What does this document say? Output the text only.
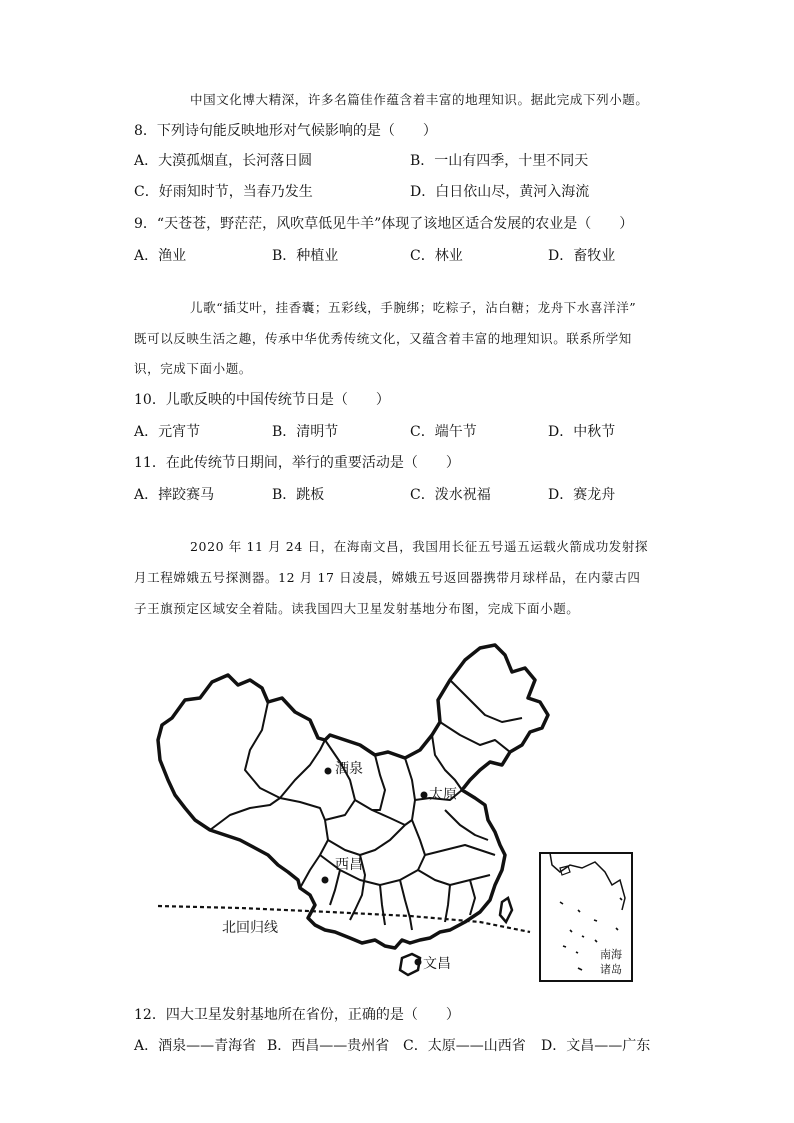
中国文化博大精深，许多名篇佳作蕴含着丰富的地理知识。据此完成下列小题。
8．下列诗句能反映地形对气候影响的是（　　）
A．大漠孤烟直，长河落日圆	B．一山有四季，十里不同天
C．好雨知时节，当春乃发生	D．白日依山尽，黄河入海流
9．“天苍苍，野茫茫，风吹草低见牛羊”体现了该地区适合发展的农业是（　　）
A．渔业	B．种植业	C．林业	D．畜牧业
儿歌“插艾叶，挂香囊；五彩线，手腕绑；吃粽子，沾白糖；龙舟下水喜洋洋”
既可以反映生活之趣，传承中华优秀传统文化，又蕴含着丰富的地理知识。联系所学知
识，完成下面小题。
10．儿歌反映的中国传统节日是（　　）
A．元宵节	B．清明节	C．端午节	D．中秋节
11．在此传统节日期间，举行的重要活动是（　　）
A．摔跤赛马	B．跳板	C．泼水祝福	D．赛龙舟
2020 年 11 月 24 日，在海南文昌，我国用长征五号遥五运载火箭成功发射探
月工程嫦娥五号探测器。12 月 17 日凌晨，嫦娥五号返回器携带月球样品，在内蒙古四
子王旗预定区域安全着陆。读我国四大卫星发射基地分布图，完成下面小题。
北回归线
酒泉
太原
西昌
文昌
南海
诸岛
12．四大卫星发射基地所在省份，正确的是（　　）
A．酒泉——青海省 B．西昌——贵州省 C．太原——山西省 D．文昌——广东
